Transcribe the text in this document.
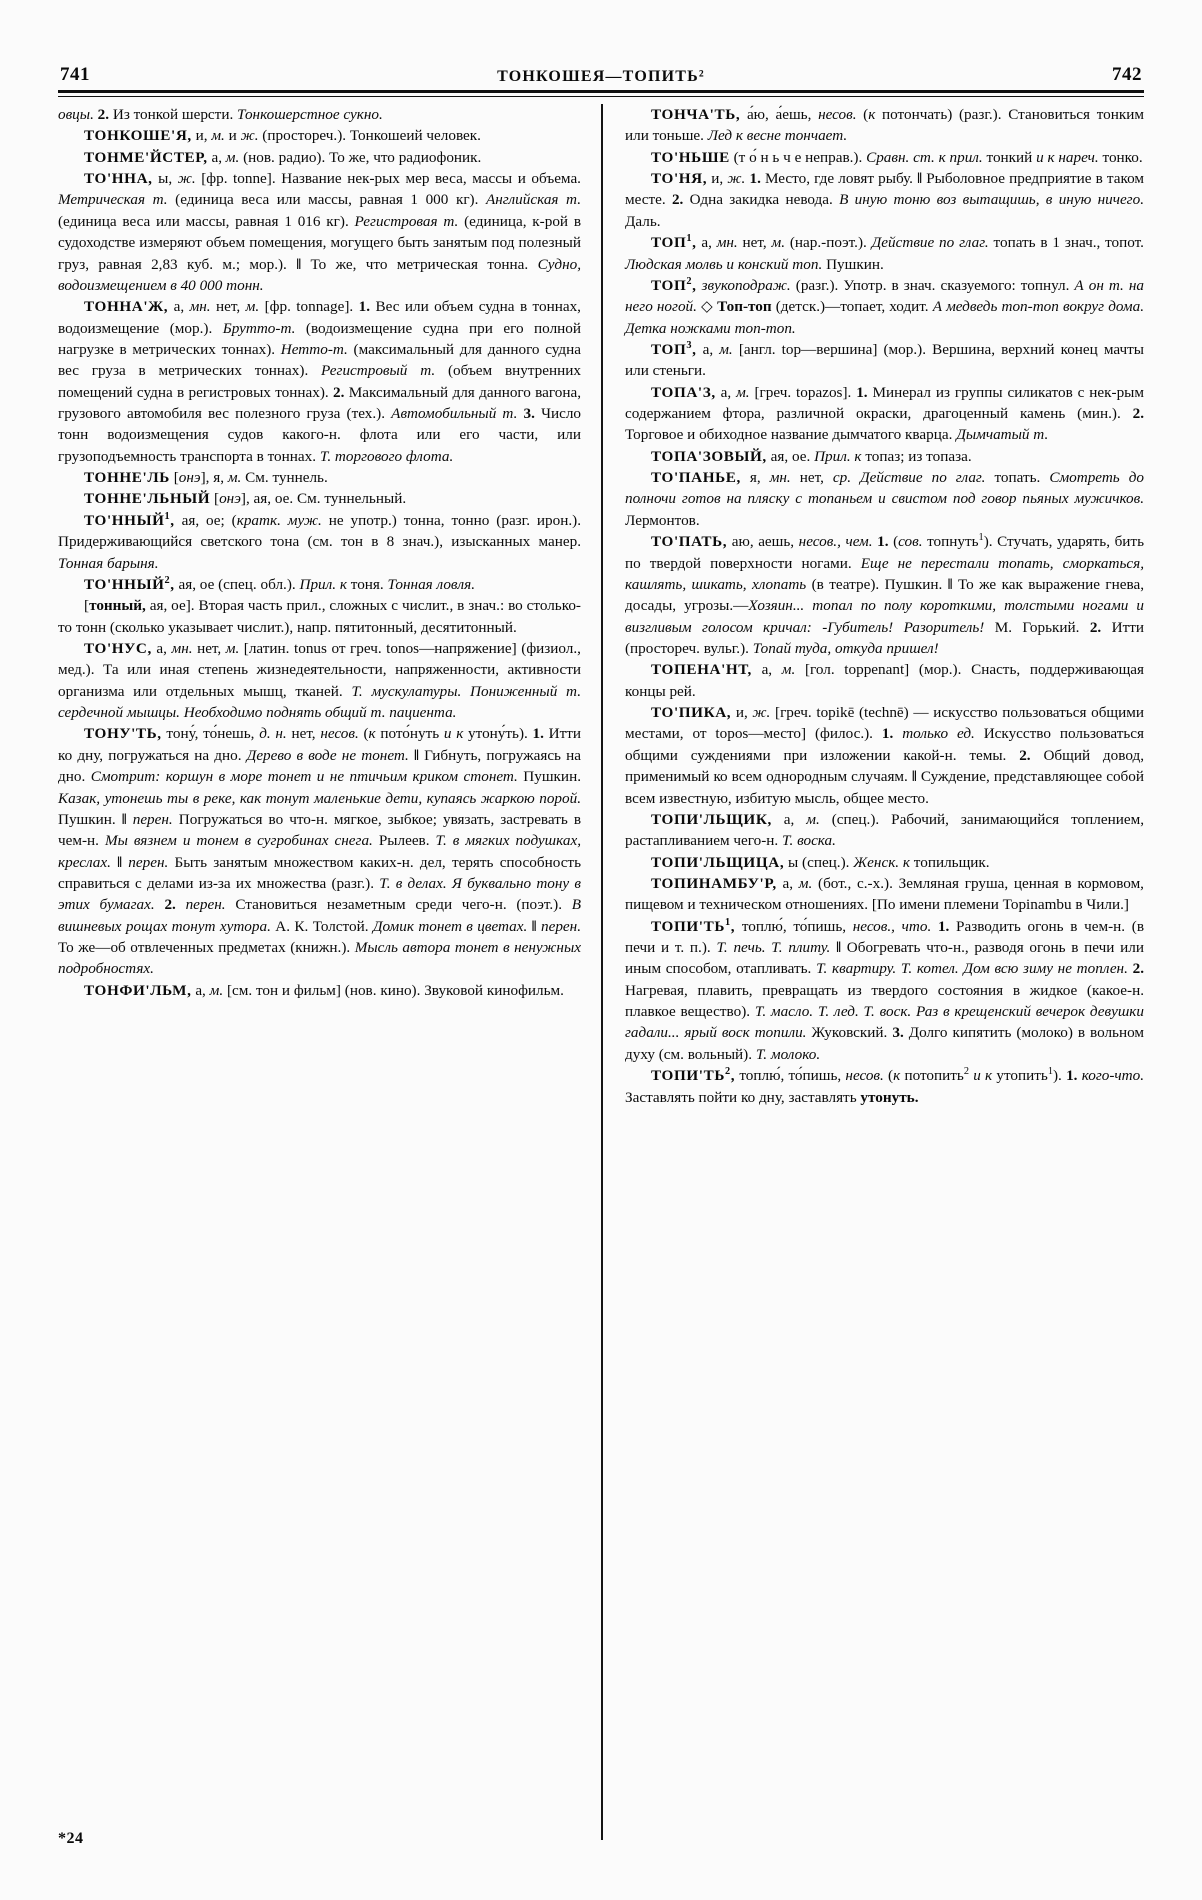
741	ТОНКОШЕЯ—ТОПИТЬ²	742

овцы. 2. Из тонкой шерсти. Тонкошерстное сукно.

ТОНКОШЕ'Я, и, м. и ж. (простореч.). Тонкошеий человек.

ТОНМЕ'ЙСТЕР, а, м. (нов. радио). То же, что радиофоник.

ТО'ННА, ы, ж. [фр. tonne]. Название нек-рых мер веса, массы и объема. Метрическая т. (единица веса или массы, равная 1 000 кг). Английская т. (единица веса или массы, равная 1 016 кг). Регистровая т. (единица, к-рой в судоходстве измеряют объем помещения, могущего быть занятым под полезный груз, равная 2,83 куб. м.; мор.). ‖ То же, что метрическая тонна. Судно, водоизмещением в 40 000 тонн.

ТОННА'Ж, а, мн. нет, м. [фр. tonnage]. 1. Вес или объем судна в тоннах, водоизмещение (мор.). Брутто-т. (водоизмещение судна при его полной нагрузке в метрических тоннах). Нетто-т. (максимальный для данного судна вес груза в метрических тоннах). Регистровый т. (объем внутренних помещений судна в регистровых тоннах). 2. Максимальный для данного вагона, грузового автомобиля вес полезного груза (тех.). Автомобильный т. 3. Число тонн водоизмещения судов какого-н. флота или его части, или грузоподъемность транспорта в тоннах. Т. торгового флота.

ТОННЕ'ЛЬ [онэ], я, м. См. туннель.

ТОННЕ'ЛЬНЫЙ [онэ], ая, ое. См. туннельный.

ТО'ННЫЙ$^1$, ая, ое; (кратк. муж. не употр.) тонна, тонно (разг. ирон.). Придерживающийся светского тона (см. тон в 8 знач.), изысканных манер. Тонная барыня.

ТО'ННЫЙ$^2$, ая, ое (спец. обл.). Прил. к тоня. Тонная ловля.

[тонный, ая, ое]. Вторая часть прил., сложных с числит., в знач.: во столько-то тонн (сколько указывает числит.), напр. пятитонный, десятитонный.

ТО'НУС, а, мн. нет, м. [латин. tonus от греч. tonos—напряжение] (физиол., мед.). Та или иная степень жизнедеятельности, напряженности, активности организма или отдельных мышц, тканей. Т. мускулатуры. Пониженный т. сердечной мышцы. Необходимо поднять общий т. пациента.

ТОНУ'ТЬ, тону́, то́нешь, д. н. нет, несов. (к пото́нуть и к утону́ть). 1. Итти ко дну, погружаться на дно. Дерево в воде не тонет. ‖ Гибнуть, погружаясь на дно. Смотрит: коршун в море тонет и не птичьим криком стонет. Пушкин. Казак, утонешь ты в реке, как тонут маленькие дети, купаясь жаркою порой. Пушкин. ‖ перен. Погружаться во что-н. мягкое, зыбкое; увязать, застревать в чем-н. Мы вязнем и тонем в сугробинах снега. Рылеев. Т. в мягких подушках, креслах. ‖ перен. Быть занятым множеством каких-н. дел, терять способность справиться с делами из-за их множества (разг.). Т. в делах. Я буквально тону в этих бумагах. 2. перен. Становиться незаметным среди чего-н. (поэт.). В вишневых рощах тонут хутора. А. К. Толстой. Домик тонет в цветах. ‖ перен. То же—об отвлеченных предметах (книжн.). Мысль автора тонет в ненужных подробностях.

ТОНФИ'ЛЬМ, а, м. [см. тон и фильм] (нов. кино). Звуковой кинофильм.

ТОНЧА'ТЬ, а́ю, а́ешь, несов. (к потончать) (разг.). Становиться тонким или тоньше. Лед к весне тончает.

ТО'НЬШЕ (т о́ н ь ч е неправ.). Сравн. ст. к прил. тонкий и к нареч. тонко.

ТО'НЯ, и, ж. 1. Место, где ловят рыбу. ‖ Рыболовное предприятие в таком месте. 2. Одна закидка невода. В иную тоню воз вытащишь, в иную ничего. Даль.

ТОП$^1$, а, мн. нет, м. (нар.-поэт.). Действие по глаг. топать в 1 знач., топот. Людская молвь и конский топ. Пушкин.

ТОП$^2$, звукоподраж. (разг.). Употр. в знач. сказуемого: топнул. А он т. на него ногой. ◇ Топ-топ (детск.)—топает, ходит. А медведь топ-топ вокруг дома. Детка ножками топ-топ.

ТОП$^3$, а, м. [англ. top—вершина] (мор.). Вершина, верхний конец мачты или стеньги.

ТОПА'З, а, м. [греч. topazos]. 1. Минерал из группы силикатов с нек-рым содержанием фтора, различной окраски, драгоценный камень (мин.). 2. Торговое и обиходное название дымчатого кварца. Дымчатый т.

ТОПА'ЗОВЫЙ, ая, ое. Прил. к топаз; из топаза.

ТО'ПАНЬЕ, я, мн. нет, ср. Действие по глаг. топать. Смотреть до полночи готов на пляску с топаньем и свистом под говор пьяных мужичков. Лермонтов.

ТО'ПАТЬ, аю, аешь, несов., чем. 1. (сов. топнуть$^1$). Стучать, ударять, бить по твердой поверхности ногами. Еще не перестали топать, сморкаться, кашлять, шикать, хлопать (в театре). Пушкин. ‖ То же как выражение гнева, досады, угрозы.—Хозяин... топал по полу короткими, толстыми ногами и визгливым голосом кричал: -Губитель! Разоритель! М. Горький. 2. Итти (простореч. вульг.). Топай туда, откуда пришел!

ТОПЕНА'НТ, а, м. [гол. toppenant] (мор.). Снасть, поддерживающая концы рей.

ТО'ПИКА, и, ж. [греч. topikē (technē) — искусство пользоваться общими местами, от topos—место] (филос.). 1. только ед. Искусство пользоваться общими суждениями при изложении какой-н. темы. 2. Общий довод, применимый ко всем однородным случаям. ‖ Суждение, представляющее собой всем известную, избитую мысль, общее место.

ТОПИ'ЛЬЩИК, а, м. (спец.). Рабочий, занимающийся топлением, растапливанием чего-н. Т. воска.

ТОПИ'ЛЬЩИЦА, ы (спец.). Женск. к топильщик.

ТОПИНАМБУ'Р, а, м. (бот., с.-х.). Земляная груша, ценная в кормовом, пищевом и техническом отношениях. [По имени племени Topinambu в Чили.]

$ТОПИ'ТЬ^1$, топлю́, то́пишь, несов., что. 1. Разводить огонь в чем-н. (в печи и т. п.). Т. печь. Т. плиту. ‖ Обогревать что-н., разводя огонь в печи или иным способом, отапливать. Т. квартиру. Т. котел. Дом всю зиму не топлен. 2. Нагревая, плавить, превращать из твердого состояния в жидкое (какое-н. плавкое вещество). Т. масло. Т. лед. Т. воск. Раз в крещенский вечерок девушки гадали... ярый воск топили. Жуковский. 3. Долго кипятить (молоко) в вольном духу (см. вольный). Т. молоко.

$ТОПИ'ТЬ^2$, топлю́, то́пишь, несов. (к потопить$^2$ и к утопить$^1$). 1. кого-что. Заставлять пойти ко дну, заставлять утонуть.

*24
